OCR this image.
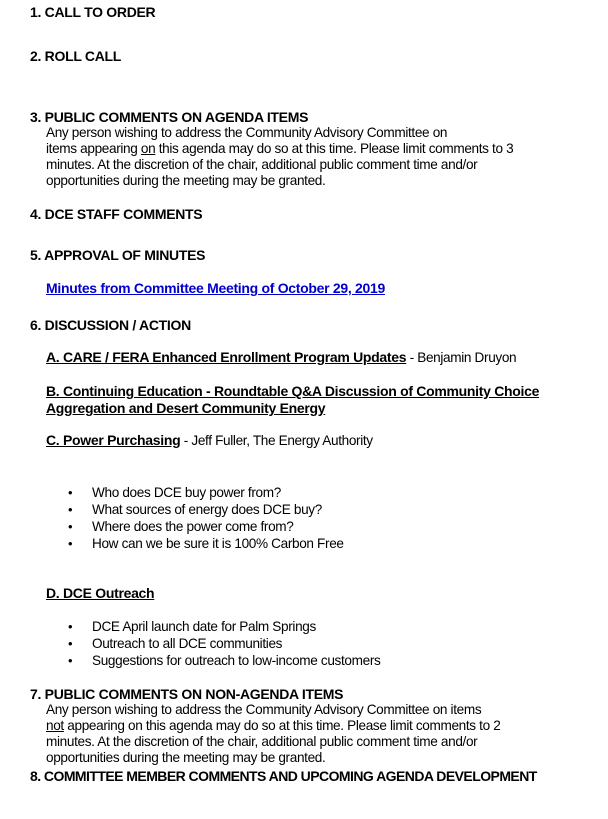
1. CALL TO ORDER
2. ROLL CALL
3. PUBLIC COMMENTS ON AGENDA ITEMS
Any person wishing to address the Community Advisory Committee on
items appearing on this agenda may do so at this time. Please limit comments to 3
minutes. At the discretion of the chair, additional public comment time and/or
opportunities during the meeting may be granted.
4. DCE STAFF COMMENTS
5. APPROVAL OF MINUTES
Minutes from Committee Meeting of October 29, 2019
6. DISCUSSION / ACTION
A. CARE / FERA Enhanced Enrollment Program Updates - Benjamin Druyon
B. Continuing Education - Roundtable Q&A Discussion of Community Choice
Aggregation and Desert Community Energy
C. Power Purchasing - Jeff Fuller, The Energy Authority
• Who does DCE buy power from?
• What sources of energy does DCE buy?
• Where does the power come from?
• How can we be sure it is 100% Carbon Free
D. DCE Outreach
• DCE April launch date for Palm Springs
• Outreach to all DCE communities
• Suggestions for outreach to low-income customers
7. PUBLIC COMMENTS ON NON-AGENDA ITEMS
Any person wishing to address the Community Advisory Committee on items
not appearing on this agenda may do so at this time. Please limit comments to 2
minutes. At the discretion of the chair, additional public comment time and/or
opportunities during the meeting may be granted.
8. COMMITTEE MEMBER COMMENTS AND UPCOMING AGENDA DEVELOPMENT
